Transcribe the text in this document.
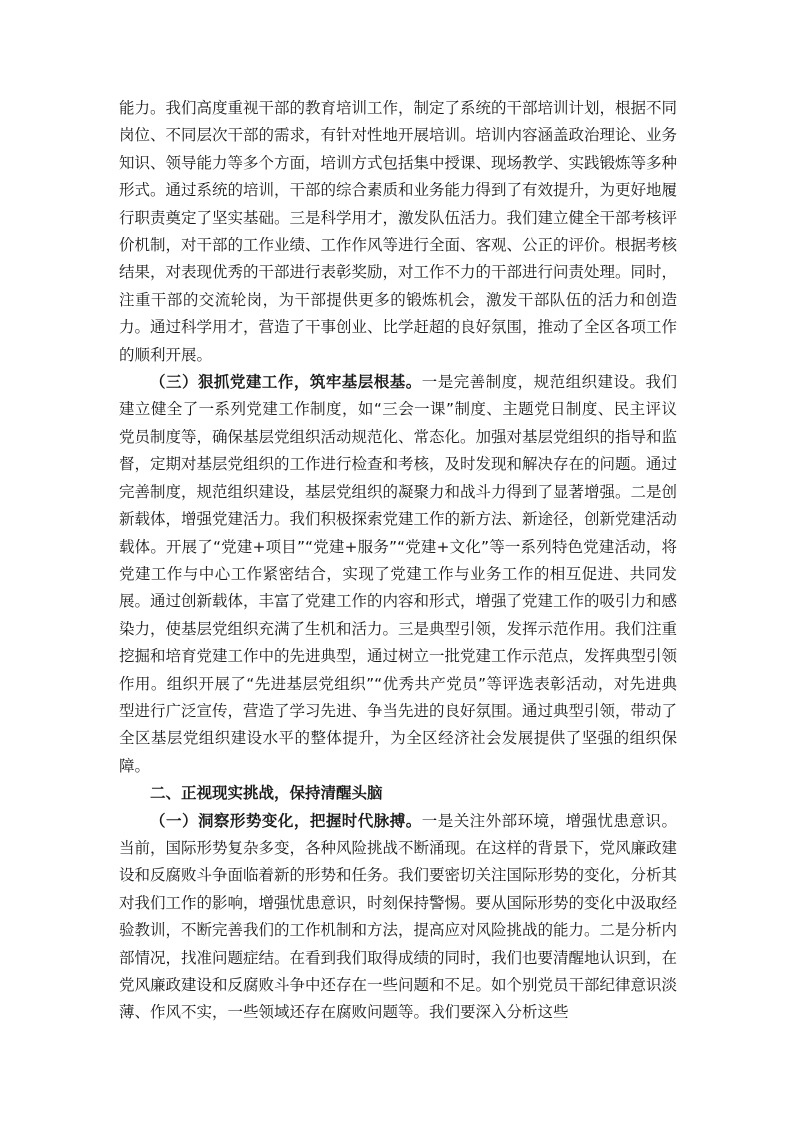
能力。我们高度重视干部的教育培训工作，制定了系统的干部培训计划，根据不同岗位、不同层次干部的需求，有针对性地开展培训。培训内容涵盖政治理论、业务知识、领导能力等多个方面，培训方式包括集中授课、现场教学、实践锻炼等多种形式。通过系统的培训，干部的综合素质和业务能力得到了有效提升，为更好地履行职责奠定了坚实基础。三是科学用才，激发队伍活力。我们建立健全干部考核评价机制，对干部的工作业绩、工作作风等进行全面、客观、公正的评价。根据考核结果，对表现优秀的干部进行表彰奖励，对工作不力的干部进行问责处理。同时，注重干部的交流轮岗，为干部提供更多的锻炼机会，激发干部队伍的活力和创造力。通过科学用才，营造了干事创业、比学赶超的良好氛围，推动了全区各项工作的顺利开展。

（三）狠抓党建工作，筑牢基层根基。一是完善制度，规范组织建设。我们建立健全了一系列党建工作制度，如“三会一课”制度、主题党日制度、民主评议党员制度等，确保基层党组织活动规范化、常态化。加强对基层党组织的指导和监督，定期对基层党组织的工作进行检查和考核，及时发现和解决存在的问题。通过完善制度，规范组织建设，基层党组织的凝聚力和战斗力得到了显著增强。二是创新载体，增强党建活力。我们积极探索党建工作的新方法、新途径，创新党建活动载体。开展了“党建+项目”“党建+服务”“党建+文化”等一系列特色党建活动，将党建工作与中心工作紧密结合，实现了党建工作与业务工作的相互促进、共同发展。通过创新载体，丰富了党建工作的内容和形式，增强了党建工作的吸引力和感染力，使基层党组织充满了生机和活力。三是典型引领，发挥示范作用。我们注重挖掘和培育党建工作中的先进典型，通过树立一批党建工作示范点，发挥典型引领作用。组织开展了“先进基层党组织”“优秀共产党员”等评选表彰活动，对先进典型进行广泛宣传，营造了学习先进、争当先进的良好氛围。通过典型引领，带动了全区基层党组织建设水平的整体提升，为全区经济社会发展提供了坚强的组织保障。

二、正视现实挑战，保持清醒头脑

（一）洞察形势变化，把握时代脉搏。一是关注外部环境，增强忧患意识。当前，国际形势复杂多变，各种风险挑战不断涌现。在这样的背景下，党风廉政建设和反腐败斗争面临着新的形势和任务。我们要密切关注国际形势的变化，分析其对我们工作的影响，增强忧患意识，时刻保持警惕。要从国际形势的变化中汲取经验教训，不断完善我们的工作机制和方法，提高应对风险挑战的能力。二是分析内部情况，找准问题症结。在看到我们取得成绩的同时，我们也要清醒地认识到，在党风廉政建设和反腐败斗争中还存在一些问题和不足。如个别党员干部纪律意识淡薄、作风不实，一些领域还存在腐败问题等。我们要深入分析这些
